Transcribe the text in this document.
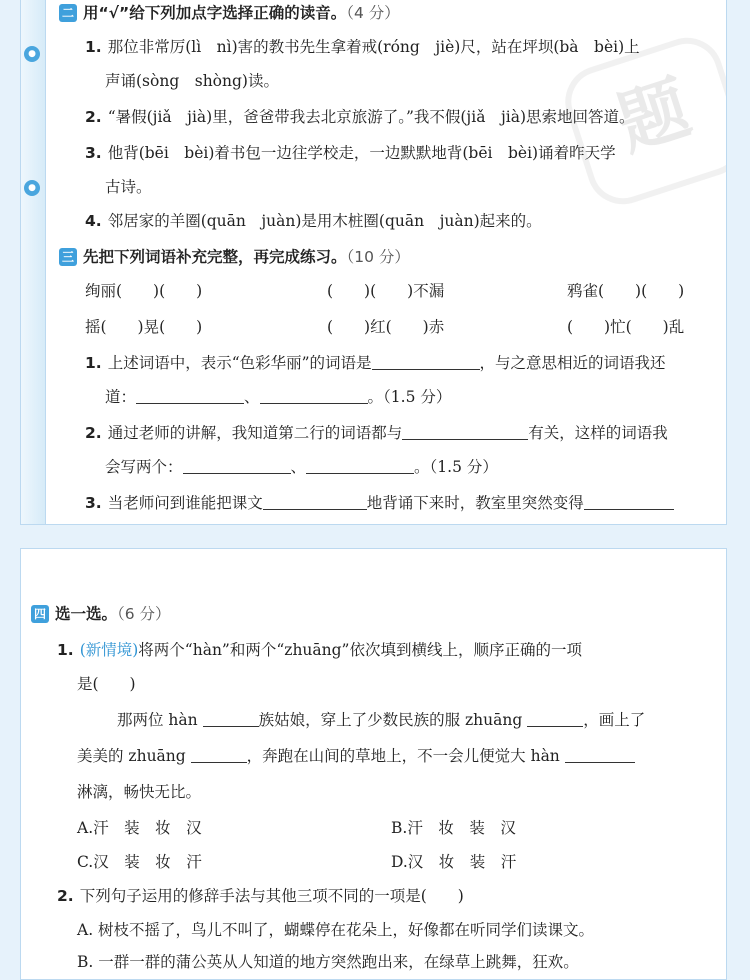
●
●
题
二 用“√”给下列加点字选择正确的读音。（4 分）
1. 那位非常厉(lì　nì)害的教书先生拿着戒(róng　jiè)尺，站在坪坝(bà　bèi)上
声诵(sòng　shòng)读。
2. “暑假(jiǎ　jià)里，爸爸带我去北京旅游了。”我不假(jiǎ　jià)思索地回答道。
3. 他背(bēi　bèi)着书包一边往学校走，一边默默地背(bēi　bèi)诵着昨天学
古诗。
4. 邻居家的羊圈(quān　juàn)是用木桩圈(quān　juàn)起来的。
三 先把下列词语补充完整，再完成练习。（10 分）
绚丽(　　)(　　)	(　　)(　　)不漏	鸦雀(　　)(　　)
摇(　　)晃(　　)	(　　)红(　　)赤	(　　)忙(　　)乱
1. 上述词语中，表示“色彩华丽”的词语是	，与之意思相近的词语我还
道：	、	。（1.5 分）
2. 通过老师的讲解，我知道第二行的词语都与	有关，这样的词语我
会写两个：	、	。（1.5 分）
3. 当老师问到谁能把课文	地背诵下来时，教室里突然变得
四 选一选。（6 分）
1. (新情境)将两个“hàn”和两个“zhuāng”依次填到横线上，顺序正确的一项
是(　　)
那两位 hàn	族姑娘，穿上了少数民族的服 zhuāng	，画上了
美美的 zhuāng	，奔跑在山间的草地上，不一会儿便觉大 hàn
淋漓，畅快无比。
A.汗　装　妆　汉	B.汗　妆　装　汉
C.汉　装　妆　汗	D.汉　妆　装　汗
2. 下列句子运用的修辞手法与其他三项不同的一项是(　　)
A. 树枝不摇了，鸟儿不叫了，蝴蝶停在花朵上，好像都在听同学们读课文。
B. 一群一群的蒲公英从人知道的地方突然跑出来，在绿草上跳舞，狂欢。
